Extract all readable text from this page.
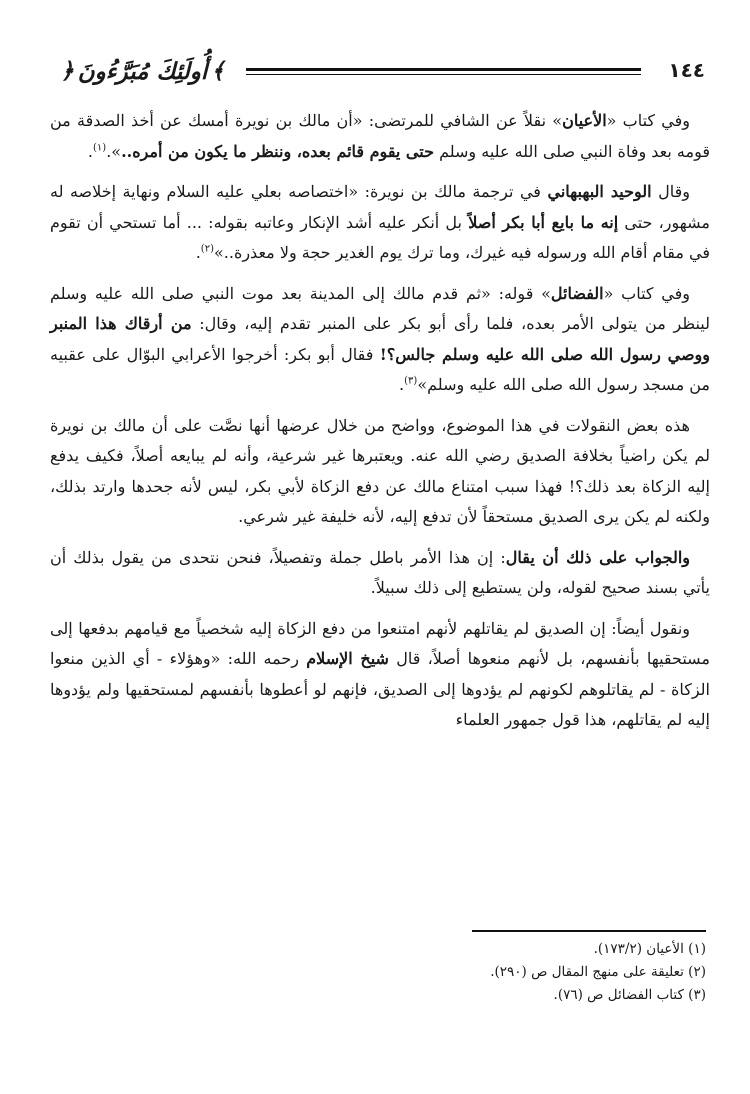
﴾
أُولَئِكَ مُبَرَّءُونَ
﴿	١٤٤

وفي كتاب «الأعيان» نقلاً عن الشافي للمرتضى: «أن مالك بن نويرة أمسك عن أخذ الصدقة من قومه بعد وفاة النبي صلى الله عليه وسلم حتى يقوم قائم بعده، وننظر ما يكون من أمره..».$^{(١)}$.

وقال الوحيد البهبهاني في ترجمة مالك بن نويرة: «اختصاصه بعلي عليه السلام ونهاية إخلاصه له مشهور، حتى إنه ما بايع أبا بكر أصلاً بل أنكر عليه أشد الإنكار وعاتبه بقوله: ... أما تستحي أن تقوم في مقام أقام الله ورسوله فيه غيرك، وما ترك يوم الغدير حجة ولا معذرة..»$^{(٢)}$.

وفي كتاب «الفضائل» قوله: «ثم قدم مالك إلى المدينة بعد موت النبي صلى الله عليه وسلم لينظر من يتولى الأمر بعده، فلما رأى أبو بكر على المنبر تقدم إليه، وقال: من أرقاك هذا المنبر ووصي رسول الله صلى الله عليه وسلم جالس؟! فقال أبو بكر: أخرجوا الأعرابي البوّال على عقبيه من مسجد رسول الله صلى الله عليه وسلم»$^{(٣)}$.

هذه بعض النقولات في هذا الموضوع، وواضح من خلال عرضها أنها نصَّت على أن مالك بن نويرة لم يكن راضياً بخلافة الصديق رضي الله عنه. ويعتبرها غير شرعية، وأنه لم يبايعه أصلاً، فكيف يدفع إليه الزكاة بعد ذلك؟! فهذا سبب امتناع مالك عن دفع الزكاة لأبي بكر، ليس لأنه جحدها وارتد بذلك، ولكنه لم يكن يرى الصديق مستحقاً لأن تدفع إليه، لأنه خليفة غير شرعي.

والجواب على ذلك أن يقال: إن هذا الأمر باطل جملة وتفصيلاً، فنحن نتحدى من يقول بذلك أن يأتي بسند صحيح لقوله، ولن يستطيع إلى ذلك سبيلاً.

ونقول أيضاً: إن الصديق لم يقاتلهم لأنهم امتنعوا من دفع الزكاة إليه شخصياً مع قيامهم بدفعها إلى مستحقيها بأنفسهم، بل لأنهم منعوها أصلاً، قال شيخ الإسلام رحمه الله: «وهؤلاء - أي الذين منعوا الزكاة - لم يقاتلوهم لكونهم لم يؤدوها إلى الصديق، فإنهم لو أعطوها بأنفسهم لمستحقيها ولم يؤدوها إليه لم يقاتلهم، هذا قول جمهور العلماء

(١) الأعيان (١٧٣/٢).
(٢) تعليقة على منهج المقال ص (٢٩٠).
(٣) كتاب الفضائل ص (٧٦).
